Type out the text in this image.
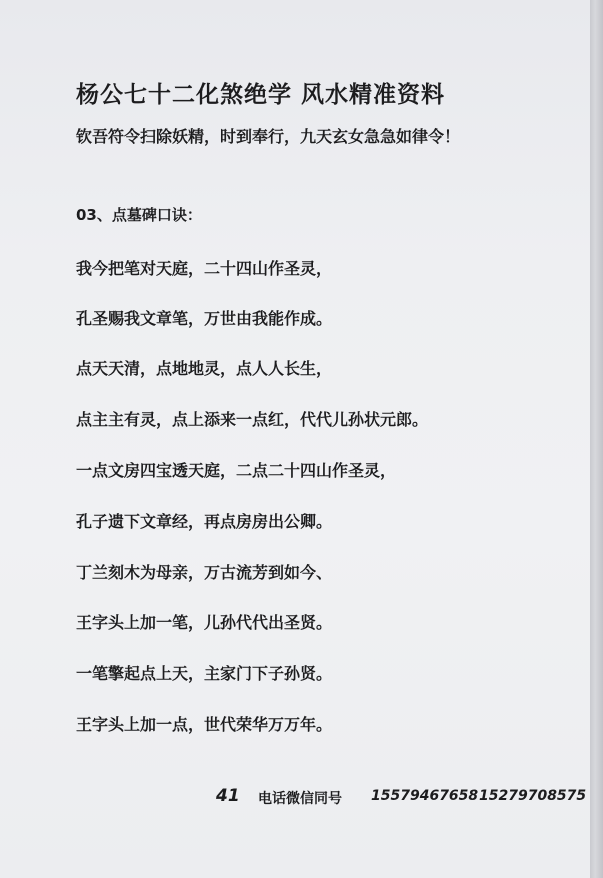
杨公七十二化煞绝学 风水精准资料
钦吾符令扫除妖精，时到奉行，九天玄女急急如律令！
03、点墓碑口诀：
我今把笔对天庭，二十四山作圣灵，
孔圣赐我文章笔，万世由我能作成。
点天天清，点地地灵，点人人长生，
点主主有灵，点上添来一点红，代代儿孙状元郎。
一点文房四宝透天庭，二点二十四山作圣灵，
孔子遗下文章经，再点房房出公卿。
丁兰刻木为母亲，万古流芳到如今、
王字头上加一笔，儿孙代代出圣贤。
一笔擎起点上天，主家门下子孙贤。
王字头上加一点，世代荣华万万年。
41 电话微信同号 15579467658 15279708575
